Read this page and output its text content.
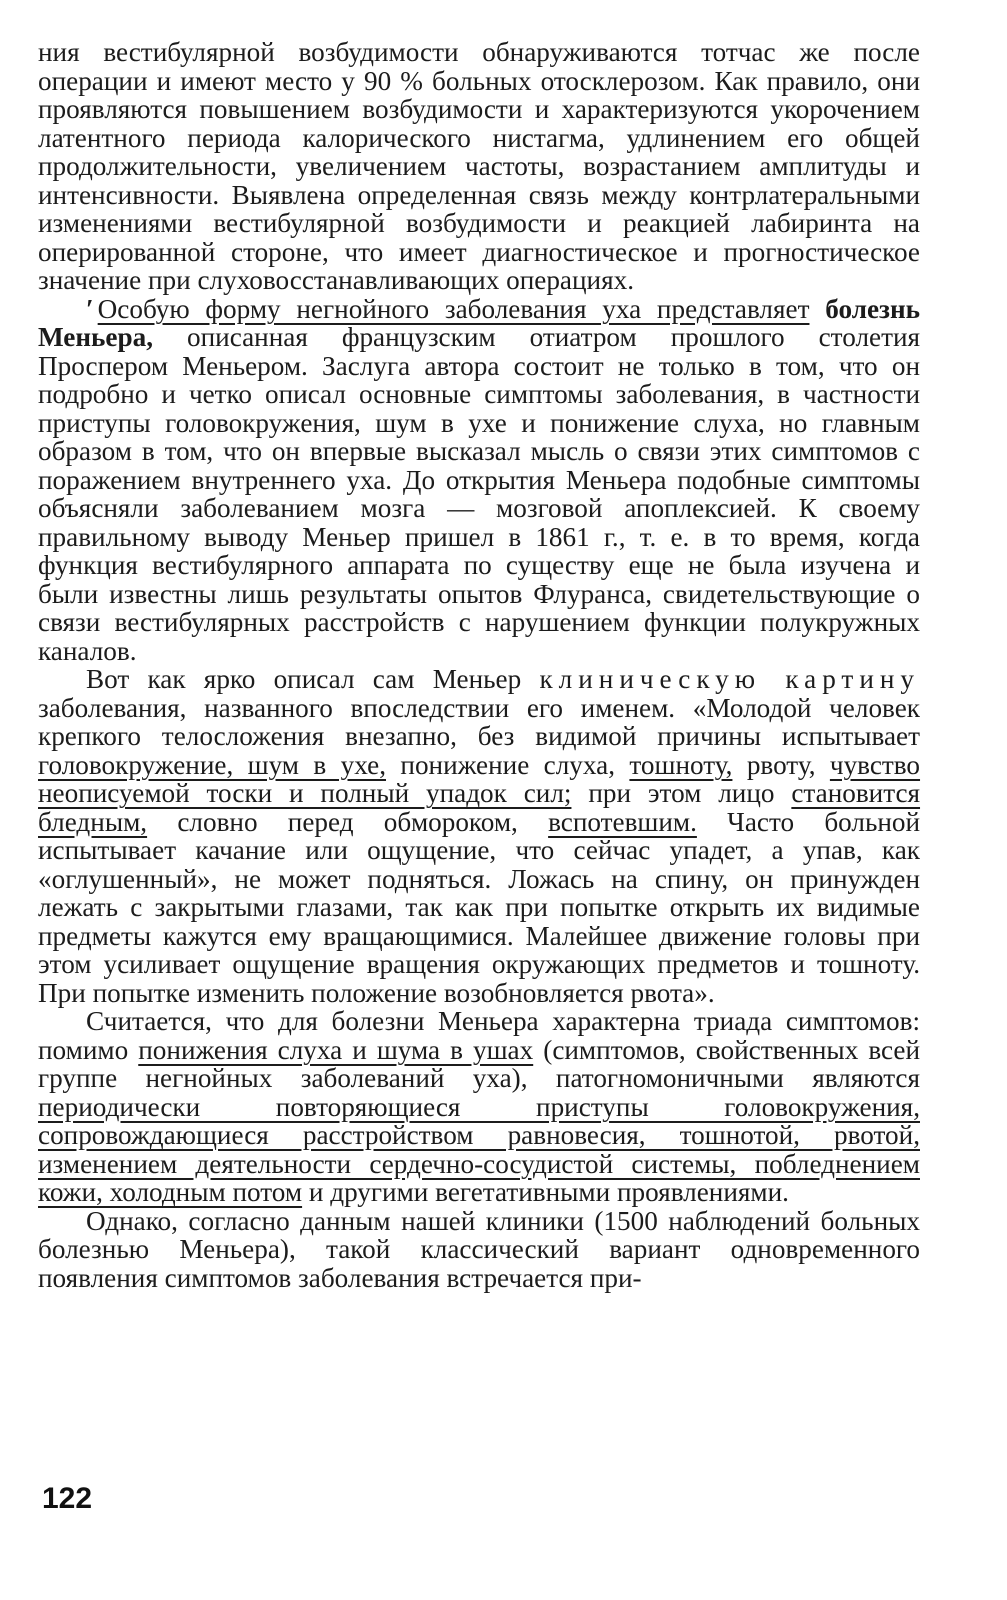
ния вестибулярной возбудимости обнаруживаются тотчас же после операции и имеют место у 90 % больных отосклерозом. Как правило, они проявляются повышением возбудимости и характеризуются укорочением латентного периода калорического нистагма, удлинением его общей продолжительности, увеличением частоты, возрастанием амплитуды и интенсивности. Выявлена определенная связь между контрлатеральными изменениями вестибулярной возбудимости и реакцией лабиринта на оперированной стороне, что имеет диагностическое и прогностическое значение при слуховосстанавливающих операциях.

ʹ Особую форму негнойного заболевания уха представляет болезнь Меньера, описанная французским отиатром прошлого столетия Проспером Меньером. Заслуга автора состоит не только в том, что он подробно и четко описал основные симптомы заболевания, в частности приступы головокружения, шум в ухе и понижение слуха, но главным образом в том, что он впервые высказал мысль о связи этих симптомов с поражением внутреннего уха. До открытия Меньера подобные симптомы объясняли заболеванием мозга — мозговой апоплексией. К своему правильному выводу Меньер пришел в 1861 г., т. е. в то время, когда функция вестибулярного аппарата по существу еще не была изучена и были известны лишь результаты опытов Флуранса, свидетельствующие о связи вестибулярных расстройств с нарушением функции полукружных каналов.

Вот как ярко описал сам Меньер клиническую картину заболевания, названного впоследствии его именем. «Молодой человек крепкого телосложения внезапно, без видимой причины испытывает головокружение, шум в ухе, понижение слуха, тошноту, рвоту, чувство неописуемой тоски и полный упадок сил; при этом лицо становится бледным, словно перед обмороком, вспотевшим. Часто больной испытывает качание или ощущение, что сейчас упадет, а упав, как «оглушенный», не может подняться. Ложась на спину, он принужден лежать с закрытыми глазами, так как при попытке открыть их видимые предметы кажутся ему вращающимися. Малейшее движение головы при этом усиливает ощущение вращения окружающих предметов и тошноту. При попытке изменить положение возобновляется рвота».

Считается, что для болезни Меньера характерна триада симптомов: помимо понижения слуха и шума в ушах (симптомов, свойственных всей группе негнойных заболеваний уха), патогномоничными являются периодически повторяющиеся приступы головокружения, сопровождающиеся расстройством равновесия, тошнотой, рвотой, изменением деятельности сердечно-сосудистой системы, побледнением кожи, холодным потом и другими вегетативными проявлениями.

Однако, согласно данным нашей клиники (1500 наблюдений больных болезнью Меньера), такой классический вариант одновременного появления симптомов заболевания встречается при-

122
